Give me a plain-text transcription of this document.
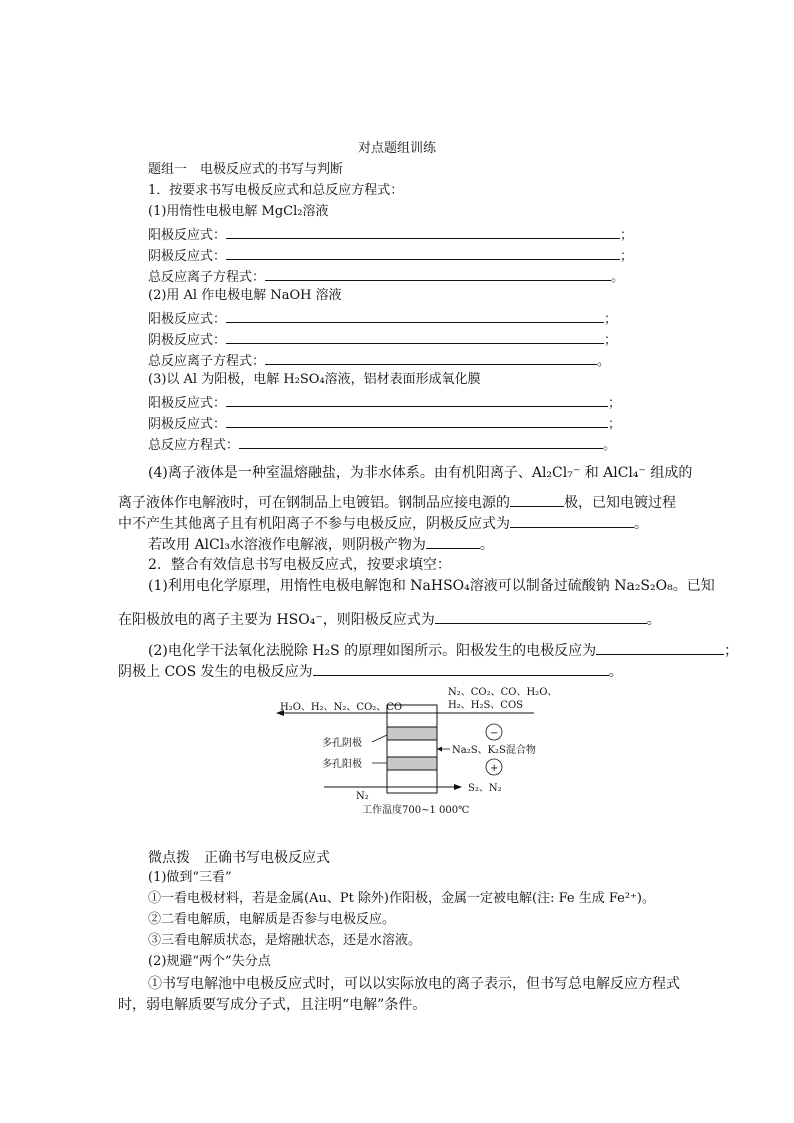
对点题组训练
题组一　电极反应式的书写与判断
1．按要求书写电极反应式和总反应方程式：
(1)用惰性电极电解 MgCl₂溶液
阳极反应式：	；
阴极反应式：	；
总反应离子方程式：	。
(2)用 Al 作电极电解 NaOH 溶液
阳极反应式：	；
阴极反应式：	；
总反应离子方程式：	。
(3)以 Al 为阳极，电解 H₂SO₄溶液，铝材表面形成氧化膜
阳极反应式：	；
阴极反应式：	；
总反应方程式：	。
(4)离子液体是一种室温熔融盐，为非水体系。由有机阳离子、Al₂Cl₇⁻ 和 AlCl₄⁻ 组成的
离子液体作电解液时，可在钢制品上电镀铝。钢制品应接电源的	极，已知电镀过程
中不产生其他离子且有机阳离子不参与电极反应，阴极反应式为	。
若改用 AlCl₃水溶液作电解液，则阴极产物为	。
2．整合有效信息书写电极反应式，按要求填空：
(1)利用电化学原理，用惰性电极电解饱和 NaHSO₄溶液可以制备过硫酸钠 Na₂S₂O₈。已知
在阳极放电的离子主要为 HSO₄⁻，则阳极反应式为	。
(2)电化学干法氧化法脱除 H₂S 的原理如图所示。阳极发生的电极反应为	；
阴极上 COS 发生的电极反应为	。
H₂O、H₂、N₂、CO₂、CO
N₂、CO₂、CO、H₂O、
H₂、H₂S、COS
多孔阴极
多孔阳极
−
+
Na₂S、K₂S混合物
N₂
S₂、N₂
工作温度700~1 000℃
微点拨　正确书写电极反应式
(1)做到“三看”
①一看电极材料，若是金属(Au、Pt 除外)作阳极，金属一定被电解(注: Fe 生成 Fe²⁺)。
②二看电解质，电解质是否参与电极反应。
③三看电解质状态，是熔融状态，还是水溶液。
(2)规避“两个”失分点
①书写电解池中电极反应式时，可以以实际放电的离子表示，但书写总电解反应方程式
时，弱电解质要写成分子式，且注明“电解”条件。
